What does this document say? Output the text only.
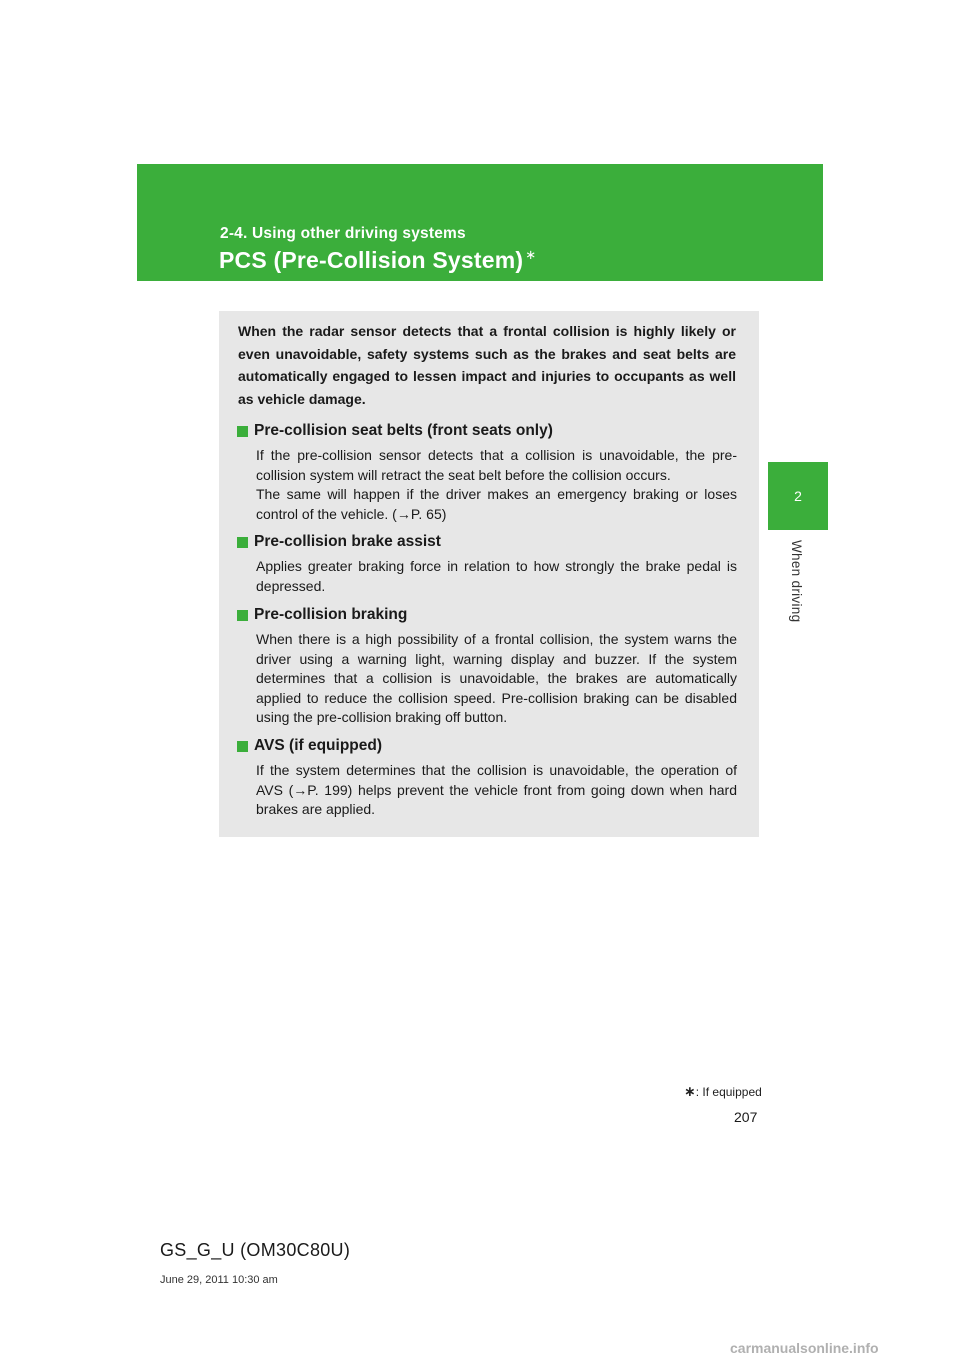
2-4. Using other driving systems
PCS (Pre-Collision System) ∗
2
When driving

When the radar sensor detects that a frontal collision is highly likely or even unavoidable, safety systems such as the brakes and seat belts are automatically engaged to lessen impact and injuries to occupants as well as vehicle damage.

Pre-collision seat belts (front seats only)

If the pre-collision sensor detects that a collision is unavoidable, the pre-collision system will retract the seat belt before the collision occurs.

The same will happen if the driver makes an emergency braking or loses control of the vehicle. (→P. 65)

Pre-collision brake assist

Applies greater braking force in relation to how strongly the brake pedal is depressed.

Pre-collision braking

When there is a high possibility of a frontal collision, the system warns the driver using a warning light, warning display and buzzer. If the system determines that a collision is unavoidable, the brakes are automatically applied to reduce the collision speed. Pre-collision braking can be disabled using the pre-collision braking off button.

AVS (if equipped)

If the system determines that the collision is unavoidable, the operation of AVS (→P. 199) helps prevent the vehicle front from going down when hard brakes are applied.

∗: If equipped
207
GS_G_U (OM30C80U)
June 29, 2011 10:30 am
carmanualsonline.info
